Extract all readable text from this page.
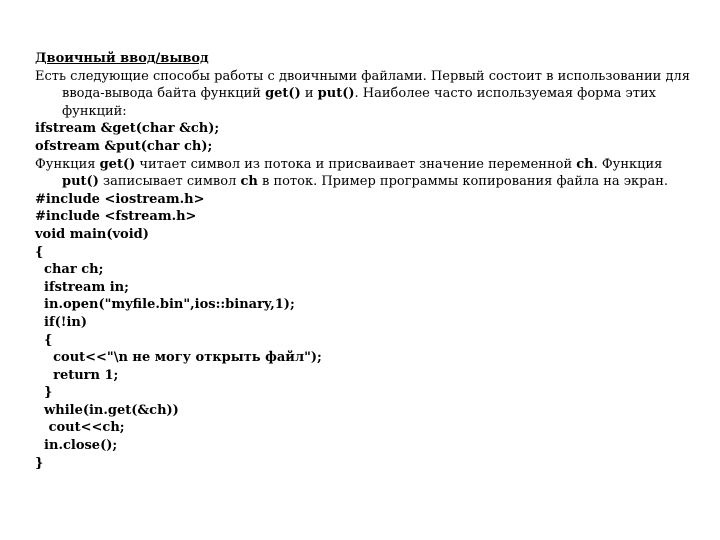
Двоичный ввод/вывод

Есть следующие способы работы с двоичными файлами. Первый состоит в использовании для ввода-вывода байта функций get() и put(). Наиболее часто используемая форма этих функций:

ifstream &get(char &ch);

ofstream &put(char ch);

Функция get() читает символ из потока и присваивает значение переменной ch. Функция put() записывает символ ch в поток. Пример программы копирования файла на экран.

#include <iostream.h>

#include <fstream.h>

void main(void)

{

char ch;

ifstream in;

in.open("myfile.bin",ios::binary,1);

if(!in)

{

cout<<"\n не могу открыть файл");

return 1;

}

while(in.get(&ch))

cout<<ch;

in.close();

}
